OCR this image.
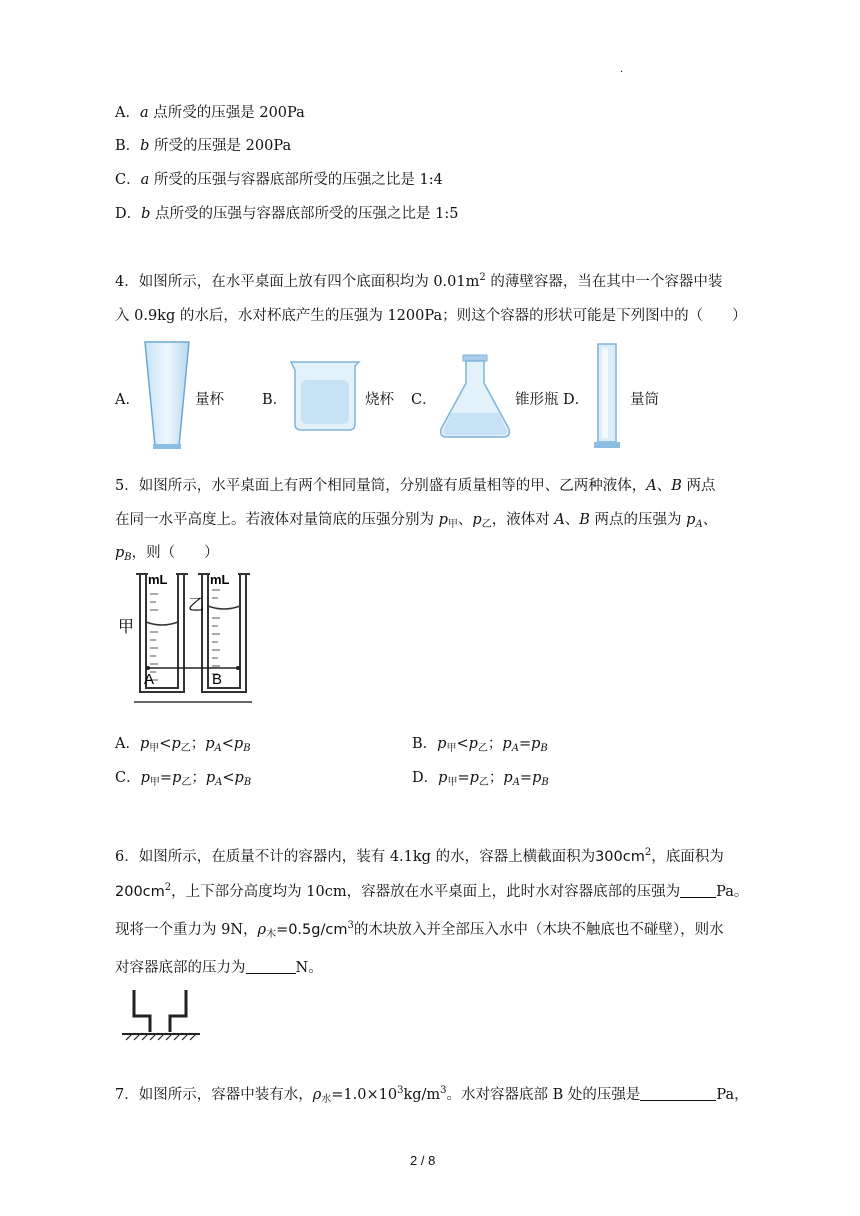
.
A．a 点所受的压强是 200Pa
B．b 所受的压强是 200Pa
C．a 所受的压强与容器底部所受的压强之比是 1:4
D．b 点所受的压强与容器底部所受的压强之比是 1:5
4．如图所示，在水平桌面上放有四个底面积均为 $0.01m^2$ 的薄壁容器，当在其中一个容器中装
入 0.9kg 的水后，水对杯底产生的压强为 1200Pa；则这个容器的形状可能是下列图中的（　　）
A．	量杯	B．	烧杯 C．	锥形瓶 D．	量筒
5．如图所示，水平桌面上有两个相同量筒，分别盛有质量相等的甲、乙两种液体，A、B 两点
在同一水平高度上。若液体对量筒底的压强分别为 $p_甲$、$p_乙$，液体对 A、B 两点的压强为 $p_A$、
$p_B$，则（　　）
mL	mL
甲
乙
A	B
A．$p_甲<p_乙$；$p_A<p_B$	B．$p_甲<p_乙$；$p_A=p_B$
C．$p_甲=p_乙$；$p_A<p_B$	D．$p_甲=p_乙$；$p_A=p_B$
6．如图所示，在质量不计的容器内，装有 4.1kg 的水，容器上横截面积为$300cm^2$，底面积为
$200cm^2$，上下部分高度均为 10cm，容器放在水平桌面上，此时水对容器底部的压强为 Pa。
现将一个重力为 9N，$\rho_木=0.5g/cm^3$的木块放入并全部压入水中（木块不触底也不碰壁），则水
对容器底部的压力为	N。
7．如图所示，容器中装有水，$\rho_水=1.0\times 10^3kg/m^3$。水对容器底部 B 处的压强是	Pa，
2 / 8
